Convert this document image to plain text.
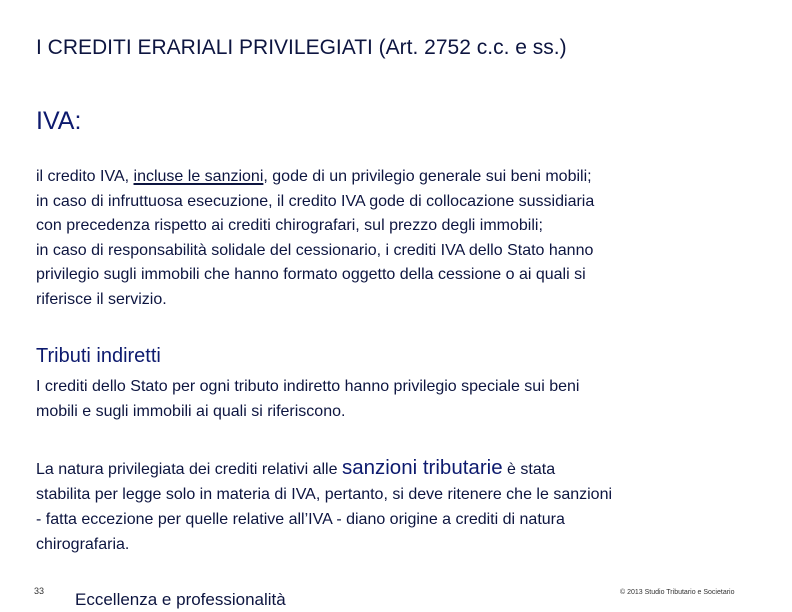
I CREDITI ERARIALI PRIVILEGIATI (Art. 2752 c.c. e ss.)
IVA:
il credito IVA, incluse le sanzioni, gode di un privilegio generale sui beni mobili;
in caso di infruttuosa esecuzione, il credito IVA gode di collocazione sussidiaria
con precedenza rispetto ai crediti chirografari, sul prezzo degli immobili;
in caso di responsabilità solidale del cessionario, i crediti IVA dello Stato hanno
privilegio sugli immobili che hanno formato oggetto della cessione o ai quali si
riferisce il servizio.
Tributi indiretti
I crediti dello Stato per ogni tributo indiretto hanno privilegio speciale sui beni
mobili e sugli immobili ai quali si riferiscono.
La natura privilegiata dei crediti relativi alle sanzioni tributarie è stata
stabilita per legge solo in materia di IVA, pertanto, si deve ritenere che le sanzioni
- fatta eccezione per quelle relative all’IVA - diano origine a crediti di natura
chirografaria.
33 Eccellenza e professionalità	© 2013 Studio Tributario e Societario
